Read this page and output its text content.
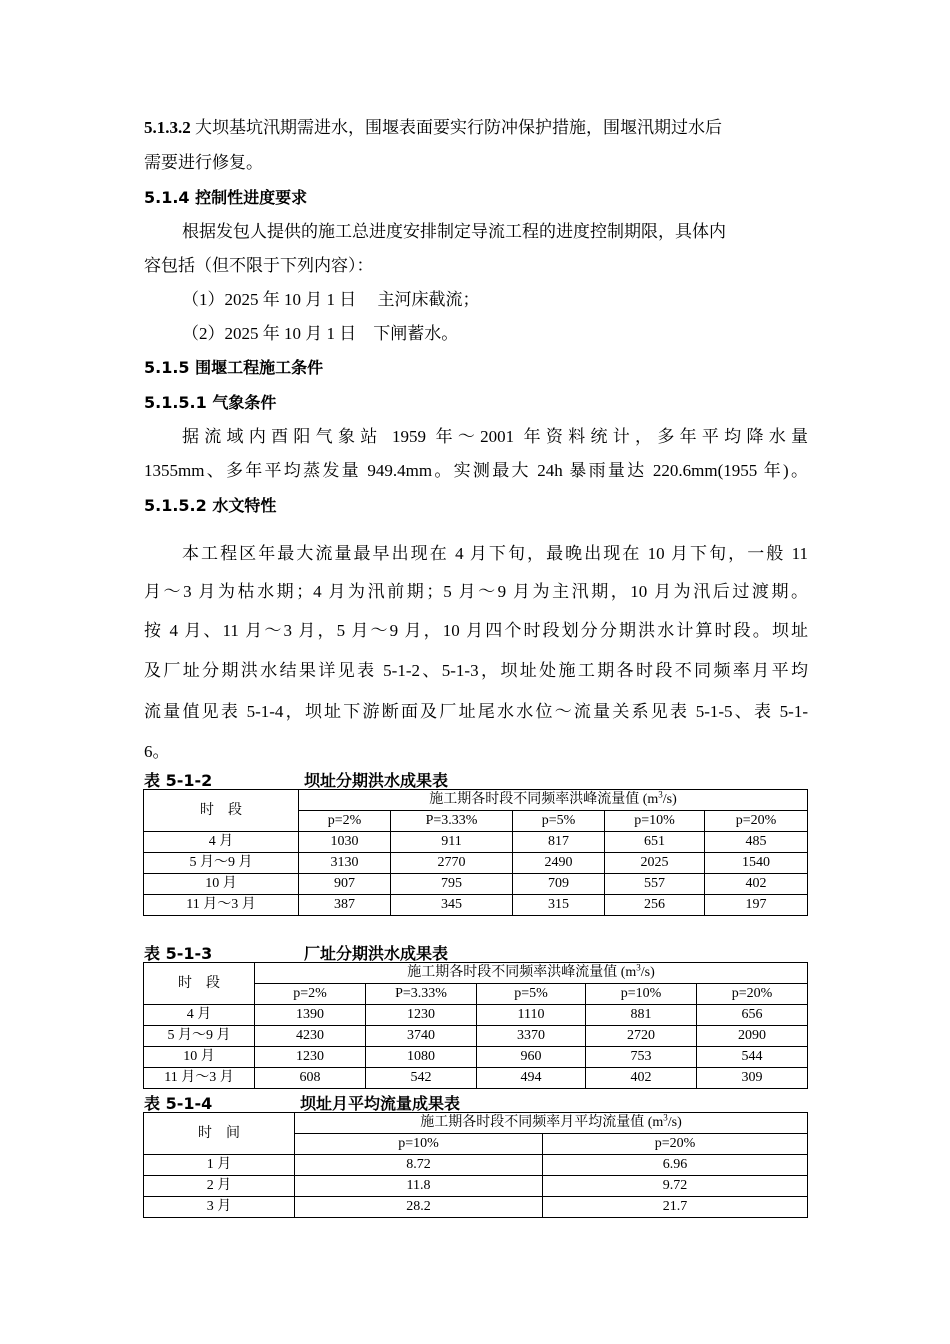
5.1.3.2 大坝基坑汛期需进水，围堰表面要实行防冲保护措施，围堰汛期过水后
需要进行修复。
5.1.4 控制性进度要求
根据发包人提供的施工总进度安排制定导流工程的进度控制期限，具体内
容包括（但不限于下列内容）：
（1）2025 年 10 月 1 日　 主河床截流；
（2）2025 年 10 月 1 日　下闸蓄水。
5.1.5 围堰工程施工条件
5.1.5.1 气象条件
据流域内酉阳气象站 1959 年～2001 年资料统计，多年平均降水量
1355mm、多年平均蒸发量 949.4mm。实测最大 24h 暴雨量达 220.6mm(1955 年)。
5.1.5.2 水文特性
本工程区年最大流量最早出现在 4 月下旬，最晚出现在 10 月下旬，一般 11
月～3 月为枯水期；4 月为汛前期；5 月～9 月为主汛期，10 月为汛后过渡期。
按 4 月、11 月～3 月，5 月～9 月，10 月四个时段划分分期洪水计算时段。坝址
及厂址分期洪水结果详见表 5-1-2、5-1-3，坝址处施工期各时段不同频率月平均
流量值见表 5-1-4，坝址下游断面及厂址尾水水位～流量关系见表 5-1-5、表 5-1-
6。
表 5-1-2	坝址分期洪水成果表
时　段	施工期各时段不同频率洪峰流量值 $(m^3/s)$				
	p=2%	P=3.33%	p=5%	p=10%	p=20%
4 月	1030	911	817	651	485
5 月～9 月	3130	2770	2490	2025	1540
10 月	907	795	709	557	402
11 月～3 月	387	345	315	256	197
表 5-1-3	厂址分期洪水成果表
时　段	施工期各时段不同频率洪峰流量值 $(m^3/s)$				
	p=2%	P=3.33%	p=5%	p=10%	p=20%
4 月	1390	1230	1110	881	656
5 月～9 月	4230	3740	3370	2720	2090
10 月	1230	1080	960	753	544
11 月～3 月	608	542	494	402	309
表 5-1-4	坝址月平均流量成果表
时　间	施工期各时段不同频率月平均流量值 $(m^3/s)$	
	p=10%	p=20%
1 月	8.72	6.96
2 月	11.8	9.72
3 月	28.2	21.7
